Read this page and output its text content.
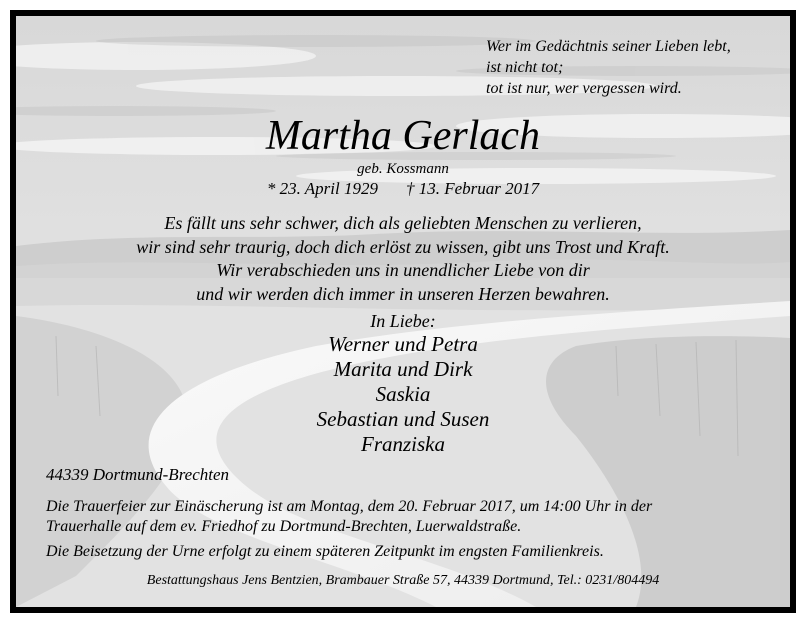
Wer im Gedächtnis seiner Lieben lebt,
ist nicht tot;
tot ist nur, wer vergessen wird.
Martha Gerlach
geb. Kossmann
* 23. April 1929 † 13. Februar 2017
Es fällt uns sehr schwer, dich als geliebten Menschen zu verlieren,
wir sind sehr traurig, doch dich erlöst zu wissen, gibt uns Trost und Kraft.
Wir verabschieden uns in unendlicher Liebe von dir
und wir werden dich immer in unseren Herzen bewahren.
In Liebe:
Werner und Petra
Marita und Dirk
Saskia
Sebastian und Susen
Franziska
44339 Dortmund-Brechten
Die Trauerfeier zur Einäscherung ist am Montag, dem 20. Februar 2017, um 14:00 Uhr in der
Trauerhalle auf dem ev. Friedhof zu Dortmund-Brechten, Luerwaldstraße.
Die Beisetzung der Urne erfolgt zu einem späteren Zeitpunkt im engsten Familienkreis.
Bestattungshaus Jens Bentzien, Brambauer Straße 57, 44339 Dortmund, Tel.: 0231/804494
